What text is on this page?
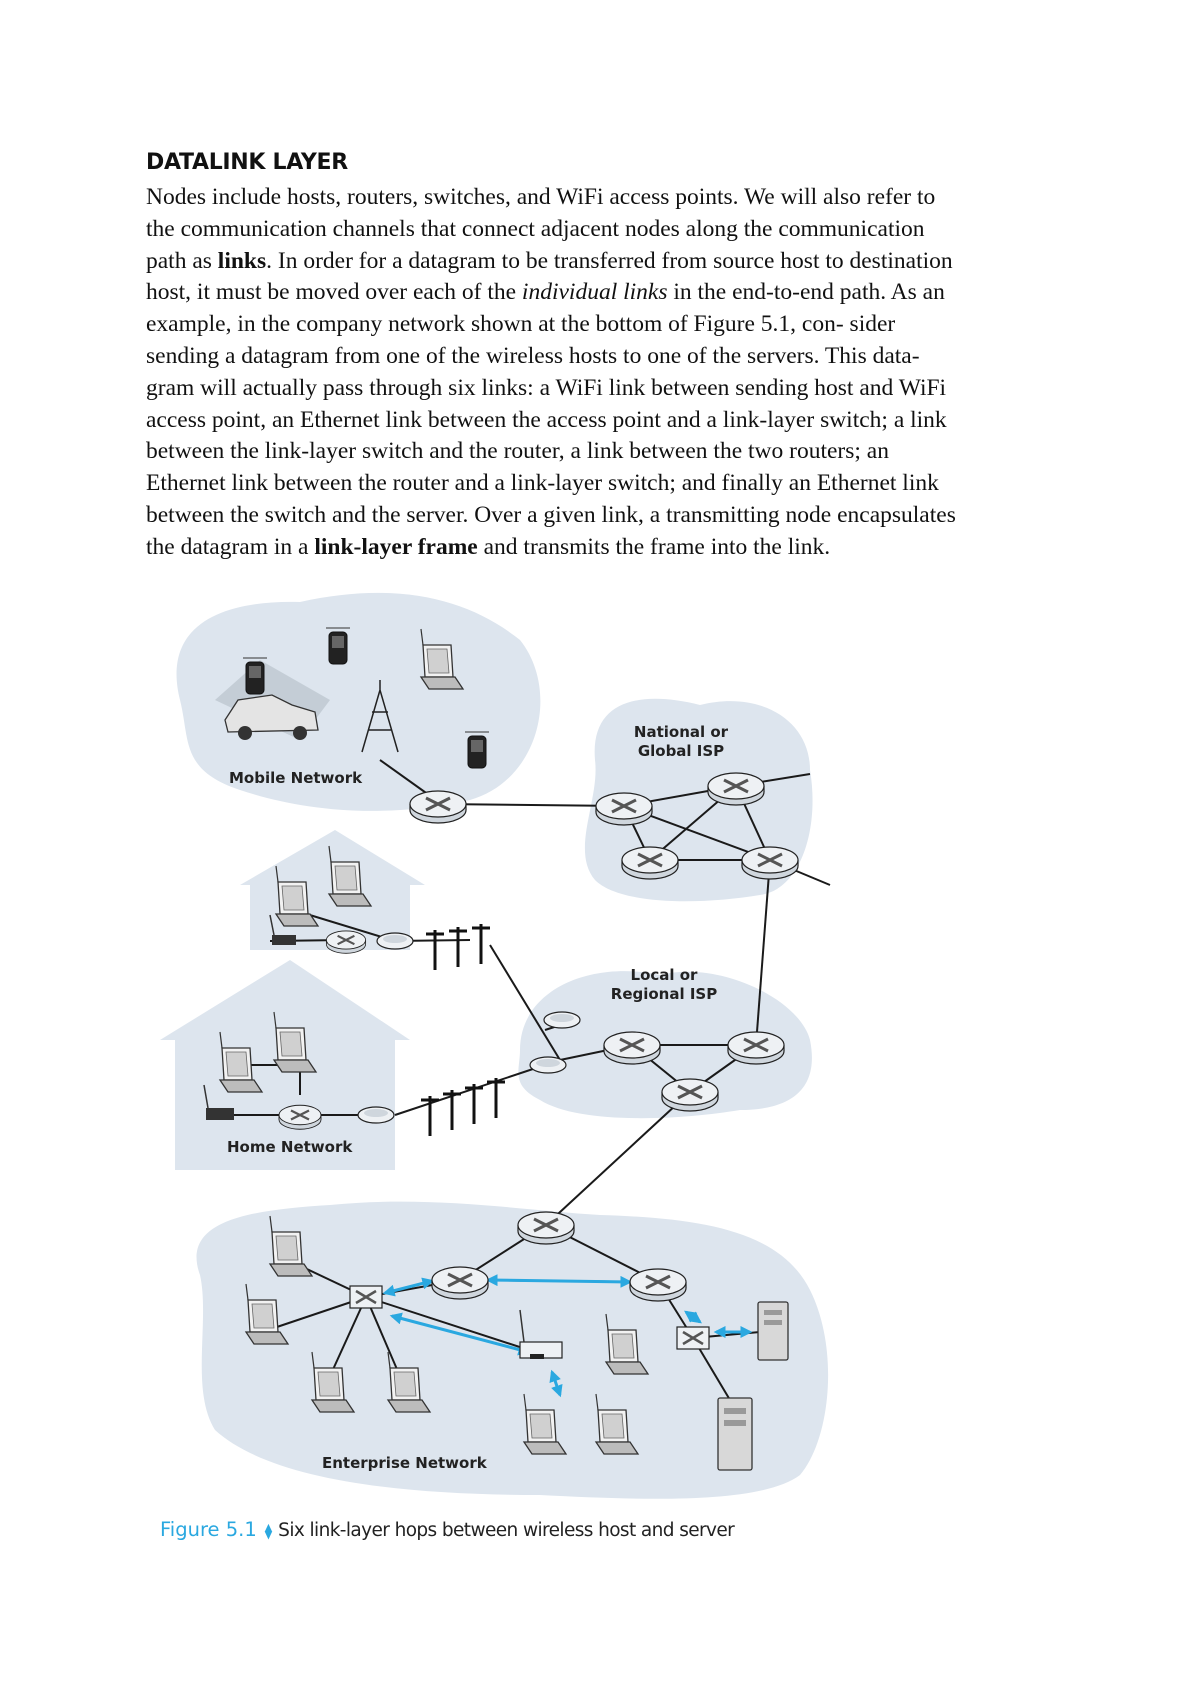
DATALINK LAYER

Nodes include hosts, routers, switches, and WiFi access points. We will also refer to
the communication channels that connect adjacent nodes along the communication
path as links. In order for a datagram to be transferred from source host to destination
host, it must be moved over each of the individual links in the end-to-end path. As an
example, in the company network shown at the bottom of Figure 5.1, con- sider
sending a datagram from one of the wireless hosts to one of the servers. This data-
gram will actually pass through six links: a WiFi link between sending host and WiFi
access point, an Ethernet link between the access point and a link-layer switch; a link
between the link-layer switch and the router, a link between the two routers; an
Ethernet link between the router and a link-layer switch; and finally an Ethernet link
between the switch and the server. Over a given link, a transmitting node encapsulates
the datagram in a link-layer frame and transmits the frame into the link.

Mobile Network
National or
Global ISP
Local or
Regional ISP
Home Network
Enterprise Network
Figure 5.1 ⧫ Six link-layer hops between wireless host and server
